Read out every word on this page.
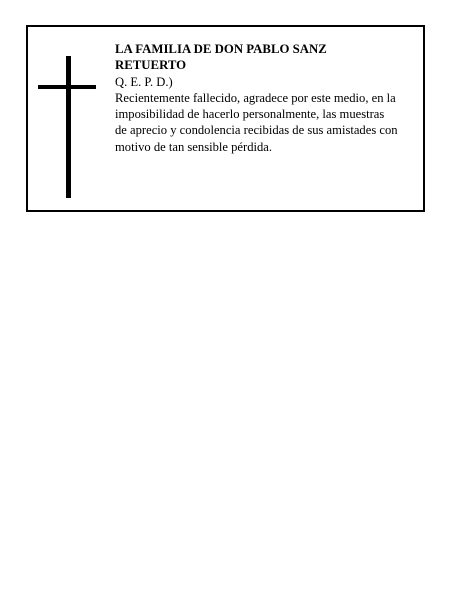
LA FAMILIA DE DON PABLO SANZ
RETUERTO
Q. E. P. D.)
Recientemente fallecido, agradece por este medio, en la
imposibilidad de hacerlo personalmente, las muestras
de aprecio y condolencia recibidas de sus amistades con
motivo de tan sensible pérdida.
